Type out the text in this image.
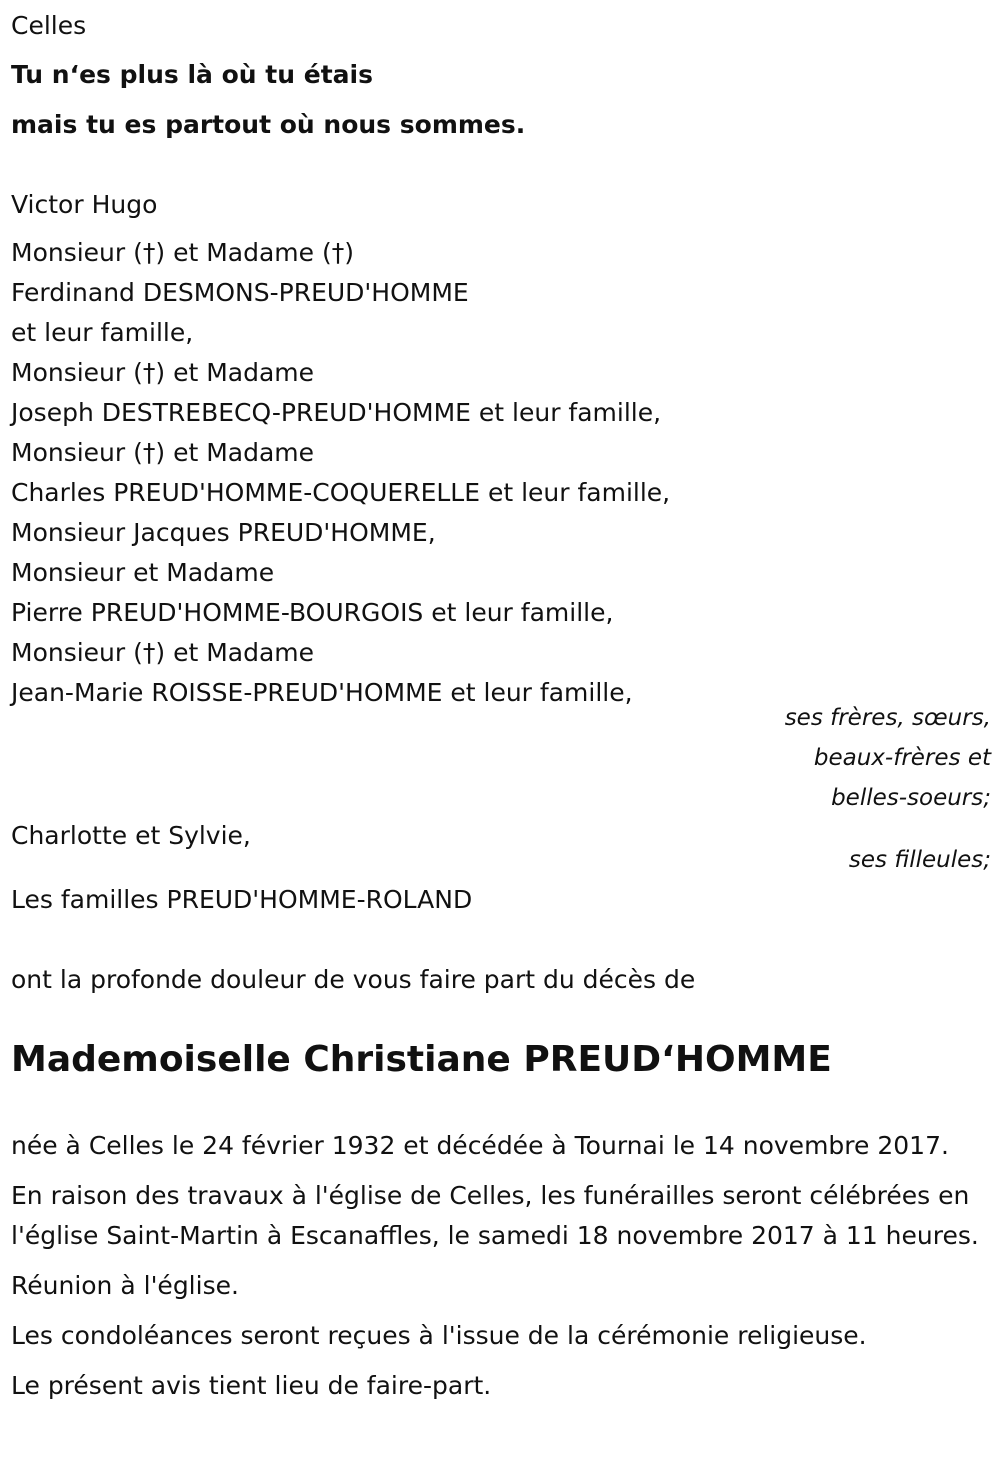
Celles
Tu n‘es plus là où tu étais
mais tu es partout où nous sommes.
Victor Hugo
Monsieur (†) et Madame (†)
Ferdinand DESMONS-PREUD'HOMME
et leur famille,
Monsieur (†) et Madame
Joseph DESTREBECQ-PREUD'HOMME et leur famille,
Monsieur (†) et Madame
Charles PREUD'HOMME-COQUERELLE et leur famille,
Monsieur Jacques PREUD'HOMME,
Monsieur et Madame
Pierre PREUD'HOMME-BOURGOIS et leur famille,
Monsieur (†) et Madame
Jean-Marie ROISSE-PREUD'HOMME et leur famille,
ses frères, sœurs,
beaux-frères et
belles-soeurs;
Charlotte et Sylvie,
ses filleules;
Les familles PREUD'HOMME-ROLAND
ont la profonde douleur de vous faire part du décès de
Mademoiselle Christiane PREUD‘HOMME
née à Celles le 24 février 1932 et décédée à Tournai le 14 novembre 2017.
En raison des travaux à l'église de Celles, les funérailles seront célébrées en l'église Saint-Martin à Escanaffles, le samedi 18 novembre 2017 à 11 heures.
Réunion à l'église.
Les condoléances seront reçues à l'issue de la cérémonie religieuse.
Le présent avis tient lieu de faire-part.
